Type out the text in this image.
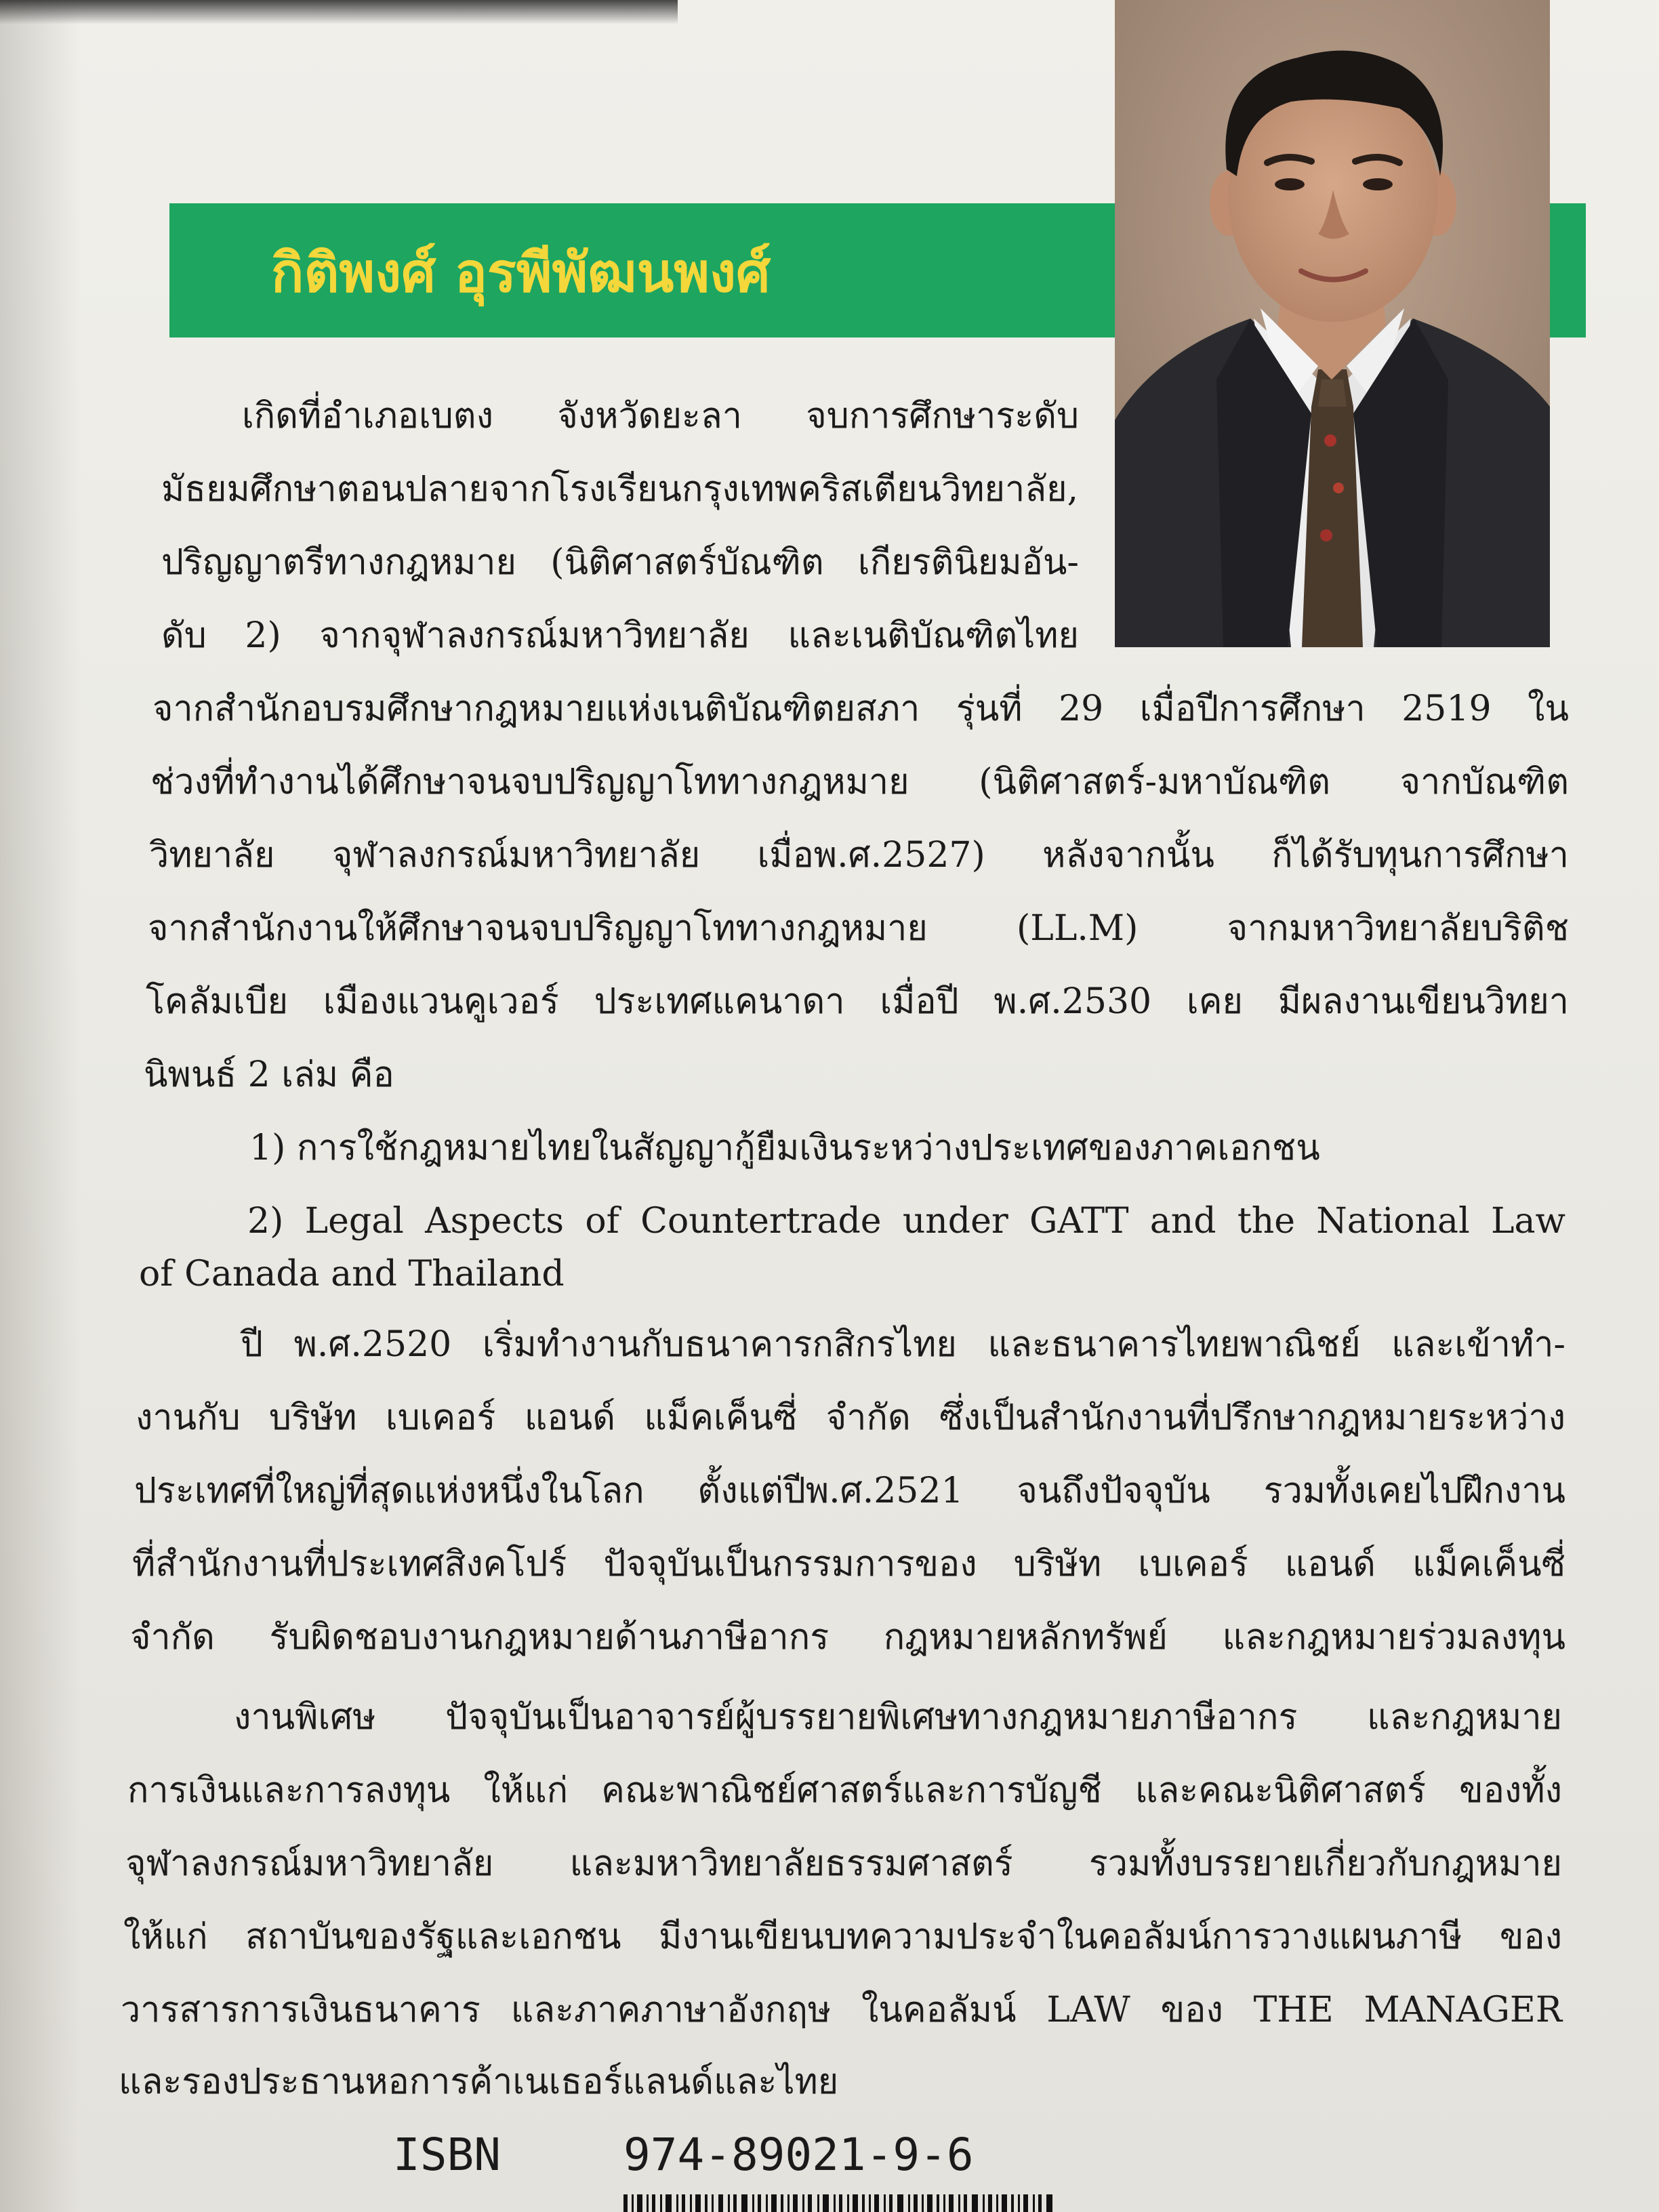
กิติพงศ์ อุรพีพัฒนพงศ์
เกิดที่อำเภอเบตง จังหวัดยะลา จบการศึกษาระดับ
มัธยมศึกษาตอนปลายจากโรงเรียนกรุงเทพคริสเตียนวิทยาลัย,
ปริญญาตรีทางกฎหมาย (นิติศาสตร์บัณฑิต เกียรตินิยมอัน-
ดับ 2) จากจุฬาลงกรณ์มหาวิทยาลัย และเนติบัณฑิตไทย
จากสำนักอบรมศึกษากฎหมายแห่งเนติบัณฑิตยสภา รุ่นที่ 29 เมื่อปีการศึกษา 2519 ใน
ช่วงที่ทำงานได้ศึกษาจนจบปริญญาโททางกฎหมาย (นิติศาสตร์-มหาบัณฑิต จากบัณฑิต
วิทยาลัย จุฬาลงกรณ์มหาวิทยาลัย เมื่อพ.ศ.2527) หลังจากนั้น ก็ได้รับทุนการศึกษา
จากสำนักงานให้ศึกษาจนจบปริญญาโททางกฎหมาย (LL.M) จากมหาวิทยาลัยบริติช
โคลัมเบีย เมืองแวนคูเวอร์ ประเทศแคนาดา เมื่อปี พ.ศ.2530 เคย มีผลงานเขียนวิทยา
นิพนธ์ 2 เล่ม คือ
1) การใช้กฎหมายไทยในสัญญากู้ยืมเงินระหว่างประเทศของภาคเอกชน
2) Legal Aspects of Countertrade under GATT and the National Law
of Canada and Thailand
ปี พ.ศ.2520 เริ่มทำงานกับธนาคารกสิกรไทย และธนาคารไทยพาณิชย์ และเข้าทำ-
งานกับ บริษัท เบเคอร์ แอนด์ แม็คเค็นซี่ จำกัด ซึ่งเป็นสำนักงานที่ปรึกษากฎหมายระหว่าง
ประเทศที่ใหญ่ที่สุดแห่งหนึ่งในโลก ตั้งแต่ปีพ.ศ.2521 จนถึงปัจจุบัน รวมทั้งเคยไปฝึกงาน
ที่สำนักงานที่ประเทศสิงคโปร์ ปัจจุบันเป็นกรรมการของ บริษัท เบเคอร์ แอนด์ แม็คเค็นซี่
จำกัด รับผิดชอบงานกฎหมายด้านภาษีอากร กฎหมายหลักทรัพย์ และกฎหมายร่วมลงทุน
งานพิเศษ ปัจจุบันเป็นอาจารย์ผู้บรรยายพิเศษทางกฎหมายภาษีอากร และกฎหมาย
การเงินและการลงทุน ให้แก่ คณะพาณิชย์ศาสตร์และการบัญชี และคณะนิติศาสตร์ ของทั้ง
จุฬาลงกรณ์มหาวิทยาลัย และมหาวิทยาลัยธรรมศาสตร์ รวมทั้งบรรยายเกี่ยวกับกฎหมาย
ให้แก่ สถาบันของรัฐและเอกชน มีงานเขียนบทความประจำในคอลัมน์การวางแผนภาษี ของ
วารสารการเงินธนาคาร และภาคภาษาอังกฤษ ในคอลัมน์ LAW ของ THE MANAGER
และรองประธานหอการค้าเนเธอร์แลนด์และไทย
ISBN	974-89021-9-6
